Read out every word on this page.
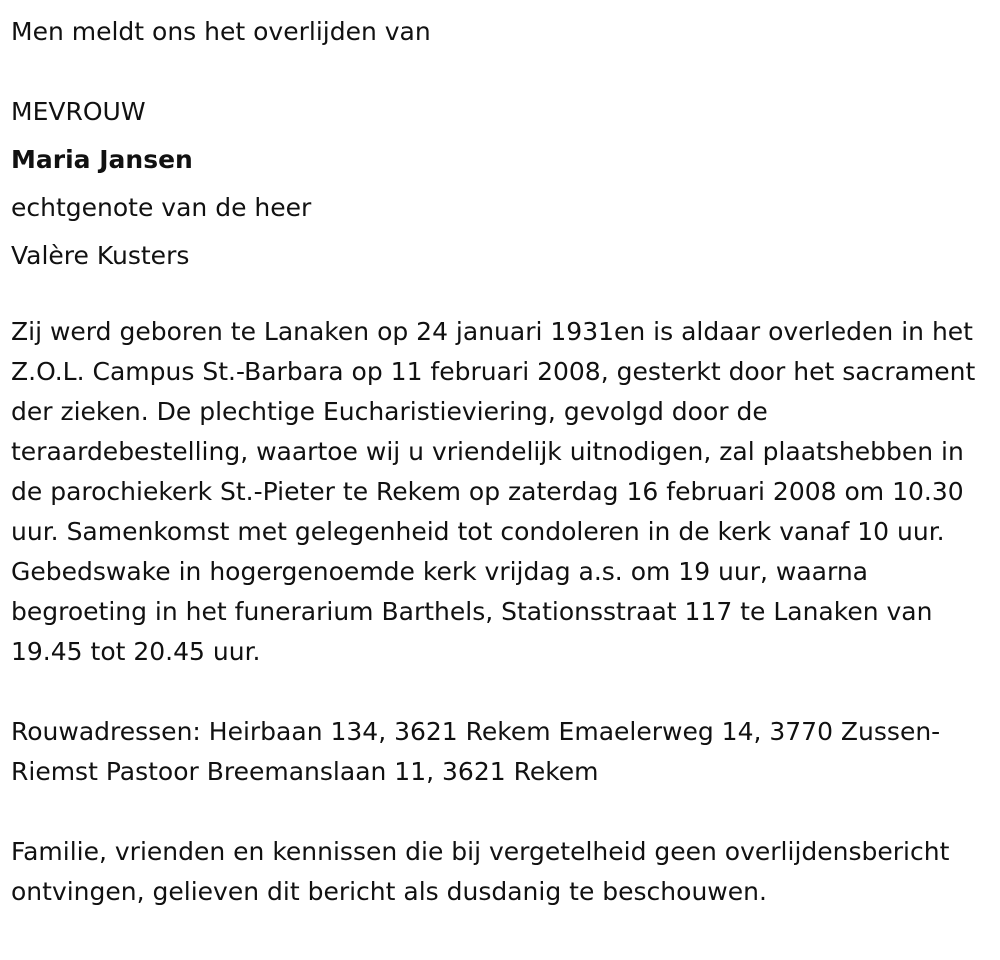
Men meldt ons het overlijden van
MEVROUW
Maria Jansen
echtgenote van de heer
Valère Kusters

Zij werd geboren te Lanaken op 24 januari 1931en is aldaar overleden in het Z.O.L. Campus St.-Barbara op 11 februari 2008, gesterkt door het sacrament der zieken. De plechtige Eucharistieviering, gevolgd door de teraardebestelling, waartoe wij u vriendelijk uitnodigen, zal plaatshebben in de parochiekerk St.-Pieter te Rekem op zaterdag 16 februari 2008 om 10.30 uur. Samenkomst met gelegenheid tot condoleren in de kerk vanaf 10 uur. Gebedswake in hogergenoemde kerk vrijdag a.s. om 19 uur, waarna begroeting in het funerarium Barthels, Stationsstraat 117 te Lanaken van 19.45 tot 20.45 uur.

Rouwadressen: Heirbaan 134, 3621 Rekem Emaelerweg 14, 3770 Zussen-Riemst Pastoor Breemanslaan 11, 3621 Rekem

Familie, vrienden en kennissen die bij vergetelheid geen overlijdensbericht ontvingen, gelieven dit bericht als dusdanig te beschouwen.
